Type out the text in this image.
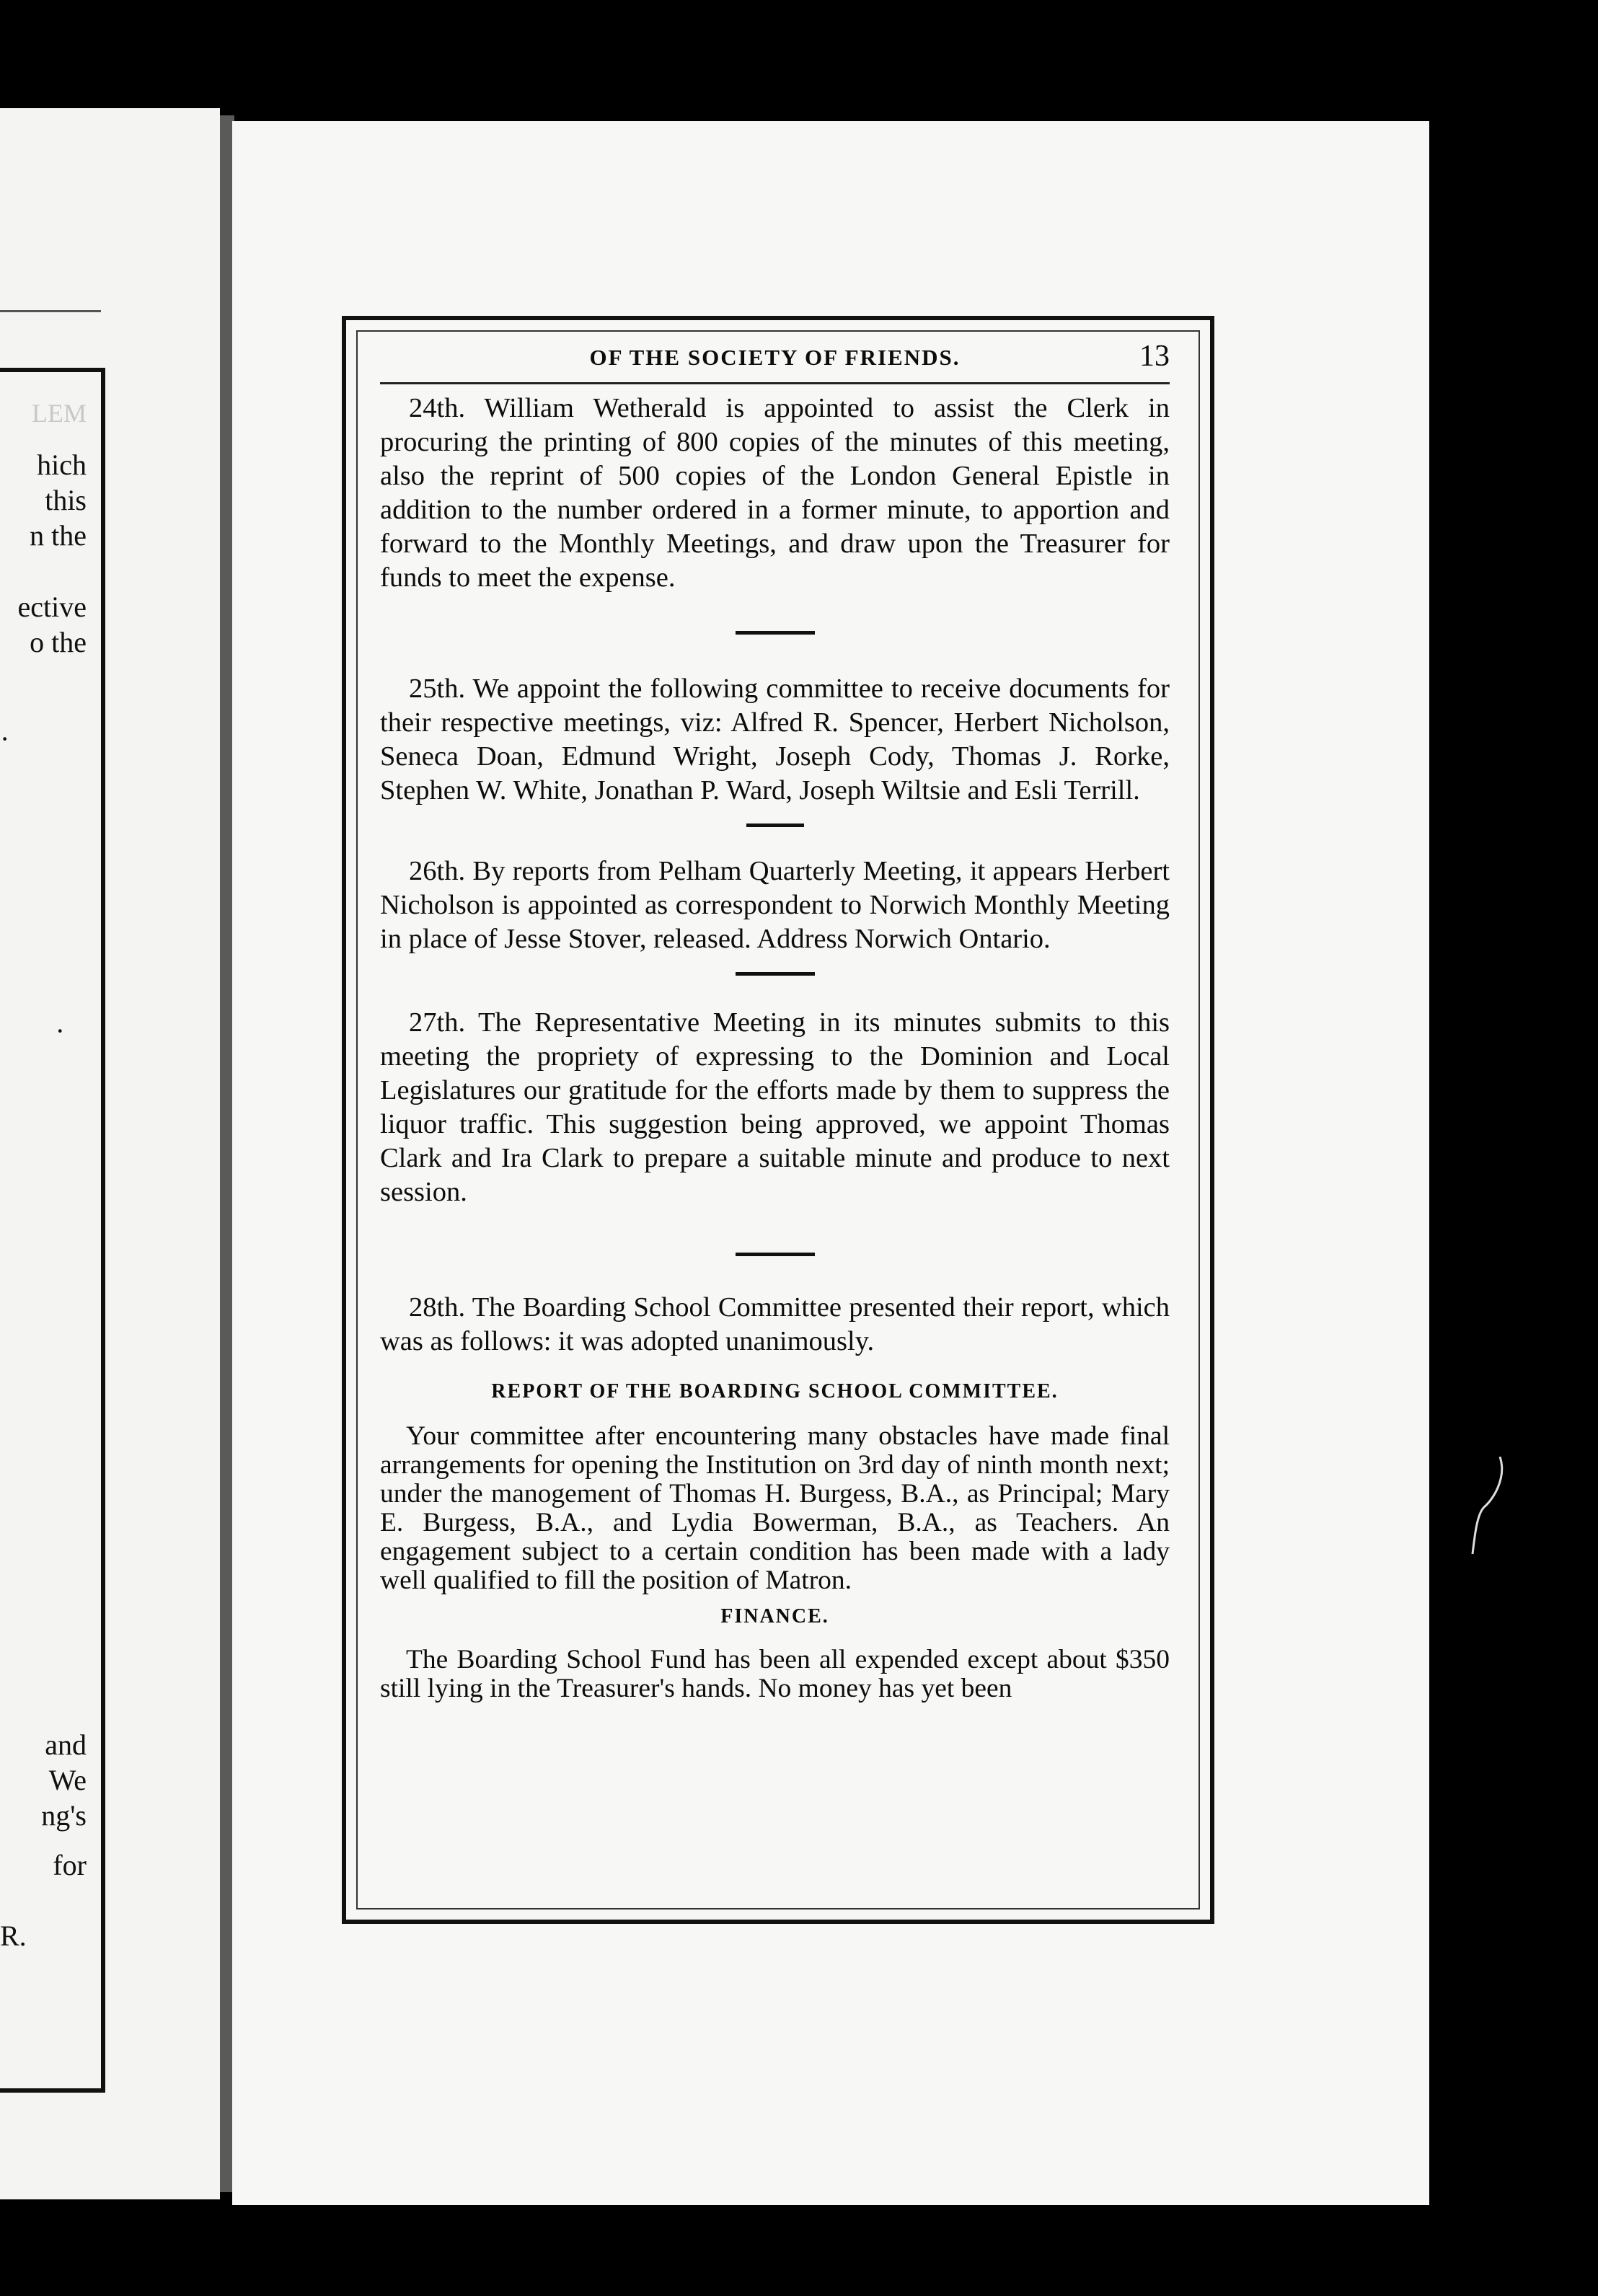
LEM
hich
this
n the
ective
o the
·
·
and
We
ng's
for
R.
OF THE SOCIETY OF FRIENDS.	13

24th. William Wetherald is appointed to assist the Clerk in procuring the printing of 800 copies of the minutes of this meeting, also the reprint of 500 copies of the London General Epistle in addition to the number ordered in a former minute, to apportion and forward to the Monthly Meetings, and draw upon the Treasurer for funds to meet the expense.

25th. We appoint the following committee to receive documents for their respective meetings, viz: Alfred R. Spencer, Herbert Nicholson, Seneca Doan, Edmund Wright, Joseph Cody, Thomas J. Rorke, Stephen W. White, Jonathan P. Ward, Joseph Wiltsie and Esli Terrill.

26th. By reports from Pelham Quarterly Meeting, it appears Herbert Nicholson is appointed as correspondent to Norwich Monthly Meeting in place of Jesse Stover, released. Address Norwich Ontario.

27th. The Representative Meeting in its minutes submits to this meeting the propriety of expressing to the Dominion and Local Legislatures our gratitude for the efforts made by them to suppress the liquor traffic. This suggestion being approved, we appoint Thomas Clark and Ira Clark to prepare a suitable minute and produce to next session.

28th. The Boarding School Committee presented their report, which was as follows: it was adopted unanimously.

REPORT OF THE BOARDING SCHOOL COMMITTEE.

Your committee after encountering many obstacles have made final arrangements for opening the Institution on 3rd day of ninth month next; under the manogement of Thomas H. Burgess, B.A., as Principal; Mary E. Burgess, B.A., and Lydia Bowerman, B.A., as Teachers. An engagement subject to a certain condition has been made with a lady well qualified to fill the position of Matron.

FINANCE.

The Boarding School Fund has been all expended except about $350 still lying in the Treasurer's hands. No money has yet been
